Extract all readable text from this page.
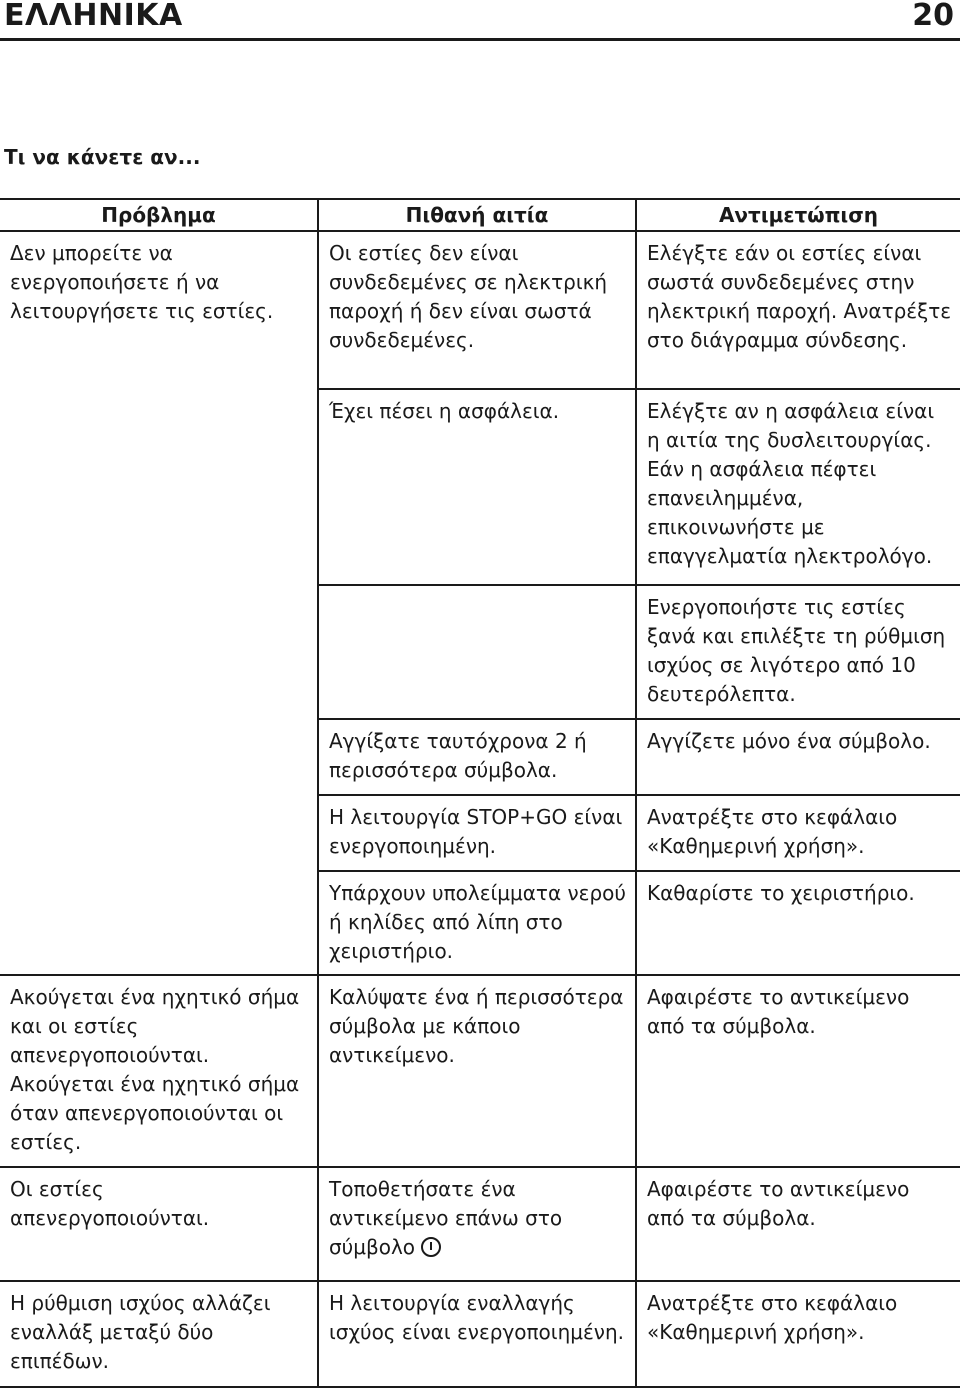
ΕΛΛΗΝΙΚΑ	20
Τι να κάνετε αν...
Πρόβλημα	Πιθανή αιτία	Αντιμετώπιση
Δεν μπορείτε να ενεργοποιήσετε ή να λειτουργήσετε τις εστίες.	Οι εστίες δεν είναι συνδεδεμένες σε ηλεκτρική παροχή ή δεν είναι σωστά συνδεδεμένες.	Ελέγξτε εάν οι εστίες είναι σωστά συνδεδεμένες στην ηλεκτρική παροχή. Ανατρέξτε στο διάγραμμα σύνδεσης.
	Έχει πέσει η ασφάλεια.	Ελέγξτε αν η ασφάλεια είναι η αιτία της δυσλειτουργίας. Εάν η ασφάλεια πέφτει επανειλημμένα, επικοινωνήστε με επαγγελματία ηλεκτρολόγο.
		Ενεργοποιήστε τις εστίες ξανά και επιλέξτε τη ρύθμιση ισχύος σε λιγότερο από 10 δευτερόλεπτα.
	Αγγίξατε ταυτόχρονα 2 ή περισσότερα σύμβολα.	Αγγίζετε μόνο ένα σύμβολο.
	Η λειτουργία STOP+GO είναι ενεργοποιημένη.	Ανατρέξτε στο κεφάλαιο «Καθημερινή χρήση».
	Υπάρχουν υπολείμματα νερού ή κηλίδες από λίπη στο χειριστήριο.	Καθαρίστε το χειριστήριο.
Ακούγεται ένα ηχητικό σήμα και οι εστίες απενεργοποιούνται. Ακούγεται ένα ηχητικό σήμα όταν απενεργοποιούνται οι εστίες.	Καλύψατε ένα ή περισσότερα σύμβολα με κάποιο αντικείμενο.	Αφαιρέστε το αντικείμενο από τα σύμβολα.
Οι εστίες απενεργοποιούνται.	Τοποθετήσατε ένα αντικείμενο επάνω στο σύμβολο	Αφαιρέστε το αντικείμενο από τα σύμβολα.
Η ρύθμιση ισχύος αλλάζει εναλλάξ μεταξύ δύο επιπέδων.	Η λειτουργία εναλλαγής ισχύος είναι ενεργοποιημένη.	Ανατρέξτε στο κεφάλαιο «Καθημερινή χρήση».
